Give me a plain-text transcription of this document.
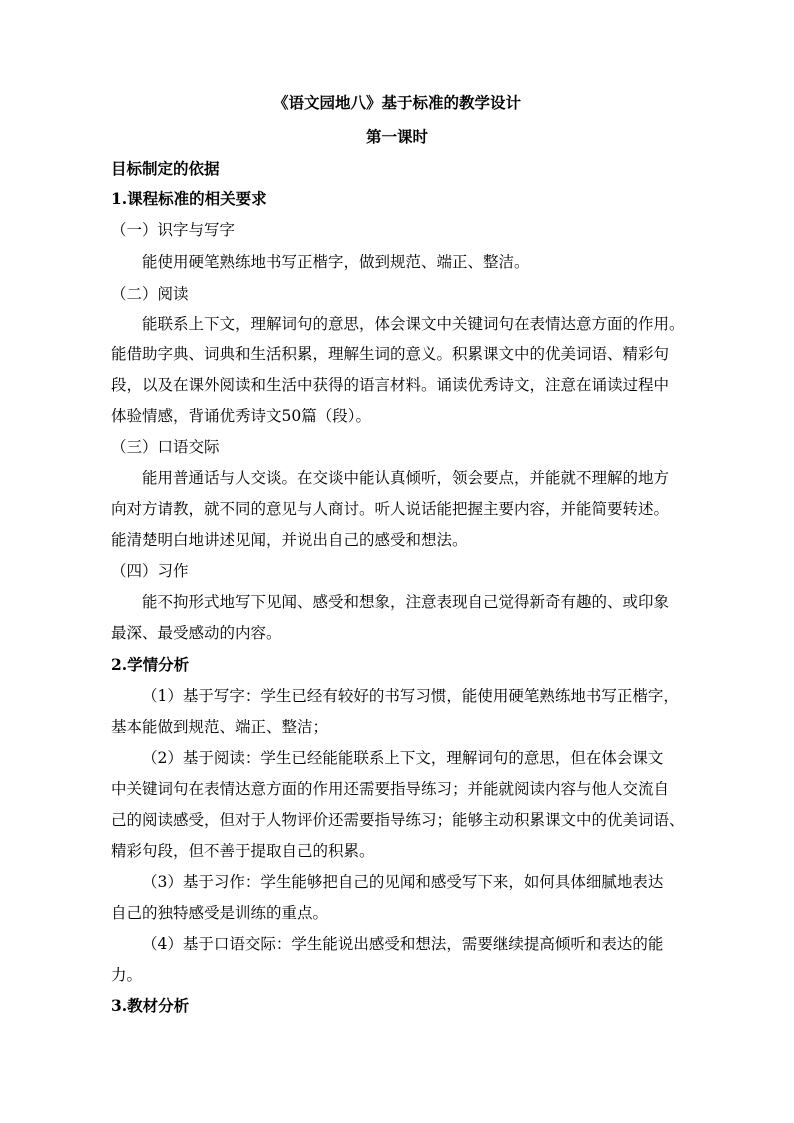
《语文园地八》基于标准的教学设计
第一课时
目标制定的依据
1.课程标准的相关要求
（一）识字与写字
能使用硬笔熟练地书写正楷字，做到规范、端正、整洁。
（二）阅读
能联系上下文，理解词句的意思，体会课文中关键词句在表情达意方面的作用。
能借助字典、词典和生活积累，理解生词的意义。积累课文中的优美词语、精彩句
段，以及在课外阅读和生活中获得的语言材料。诵读优秀诗文，注意在诵读过程中
体验情感，背诵优秀诗文50篇（段）。
（三）口语交际
能用普通话与人交谈。在交谈中能认真倾听，领会要点，并能就不理解的地方
向对方请教，就不同的意见与人商讨。听人说话能把握主要内容，并能简要转述。
能清楚明白地讲述见闻，并说出自己的感受和想法。
（四）习作
能不拘形式地写下见闻、感受和想象，注意表现自己觉得新奇有趣的、或印象
最深、最受感动的内容。
2.学情分析
（1）基于写字：学生已经有较好的书写习惯，能使用硬笔熟练地书写正楷字，
基本能做到规范、端正、整洁；
（2）基于阅读：学生已经能能联系上下文，理解词句的意思，但在体会课文
中关键词句在表情达意方面的作用还需要指导练习；并能就阅读内容与他人交流自
己的阅读感受，但对于人物评价还需要指导练习；能够主动积累课文中的优美词语、
精彩句段，但不善于提取自己的积累。
（3）基于习作：学生能够把自己的见闻和感受写下来，如何具体细腻地表达
自己的独特感受是训练的重点。
（4）基于口语交际：学生能说出感受和想法，需要继续提高倾听和表达的能
力。
3.教材分析
